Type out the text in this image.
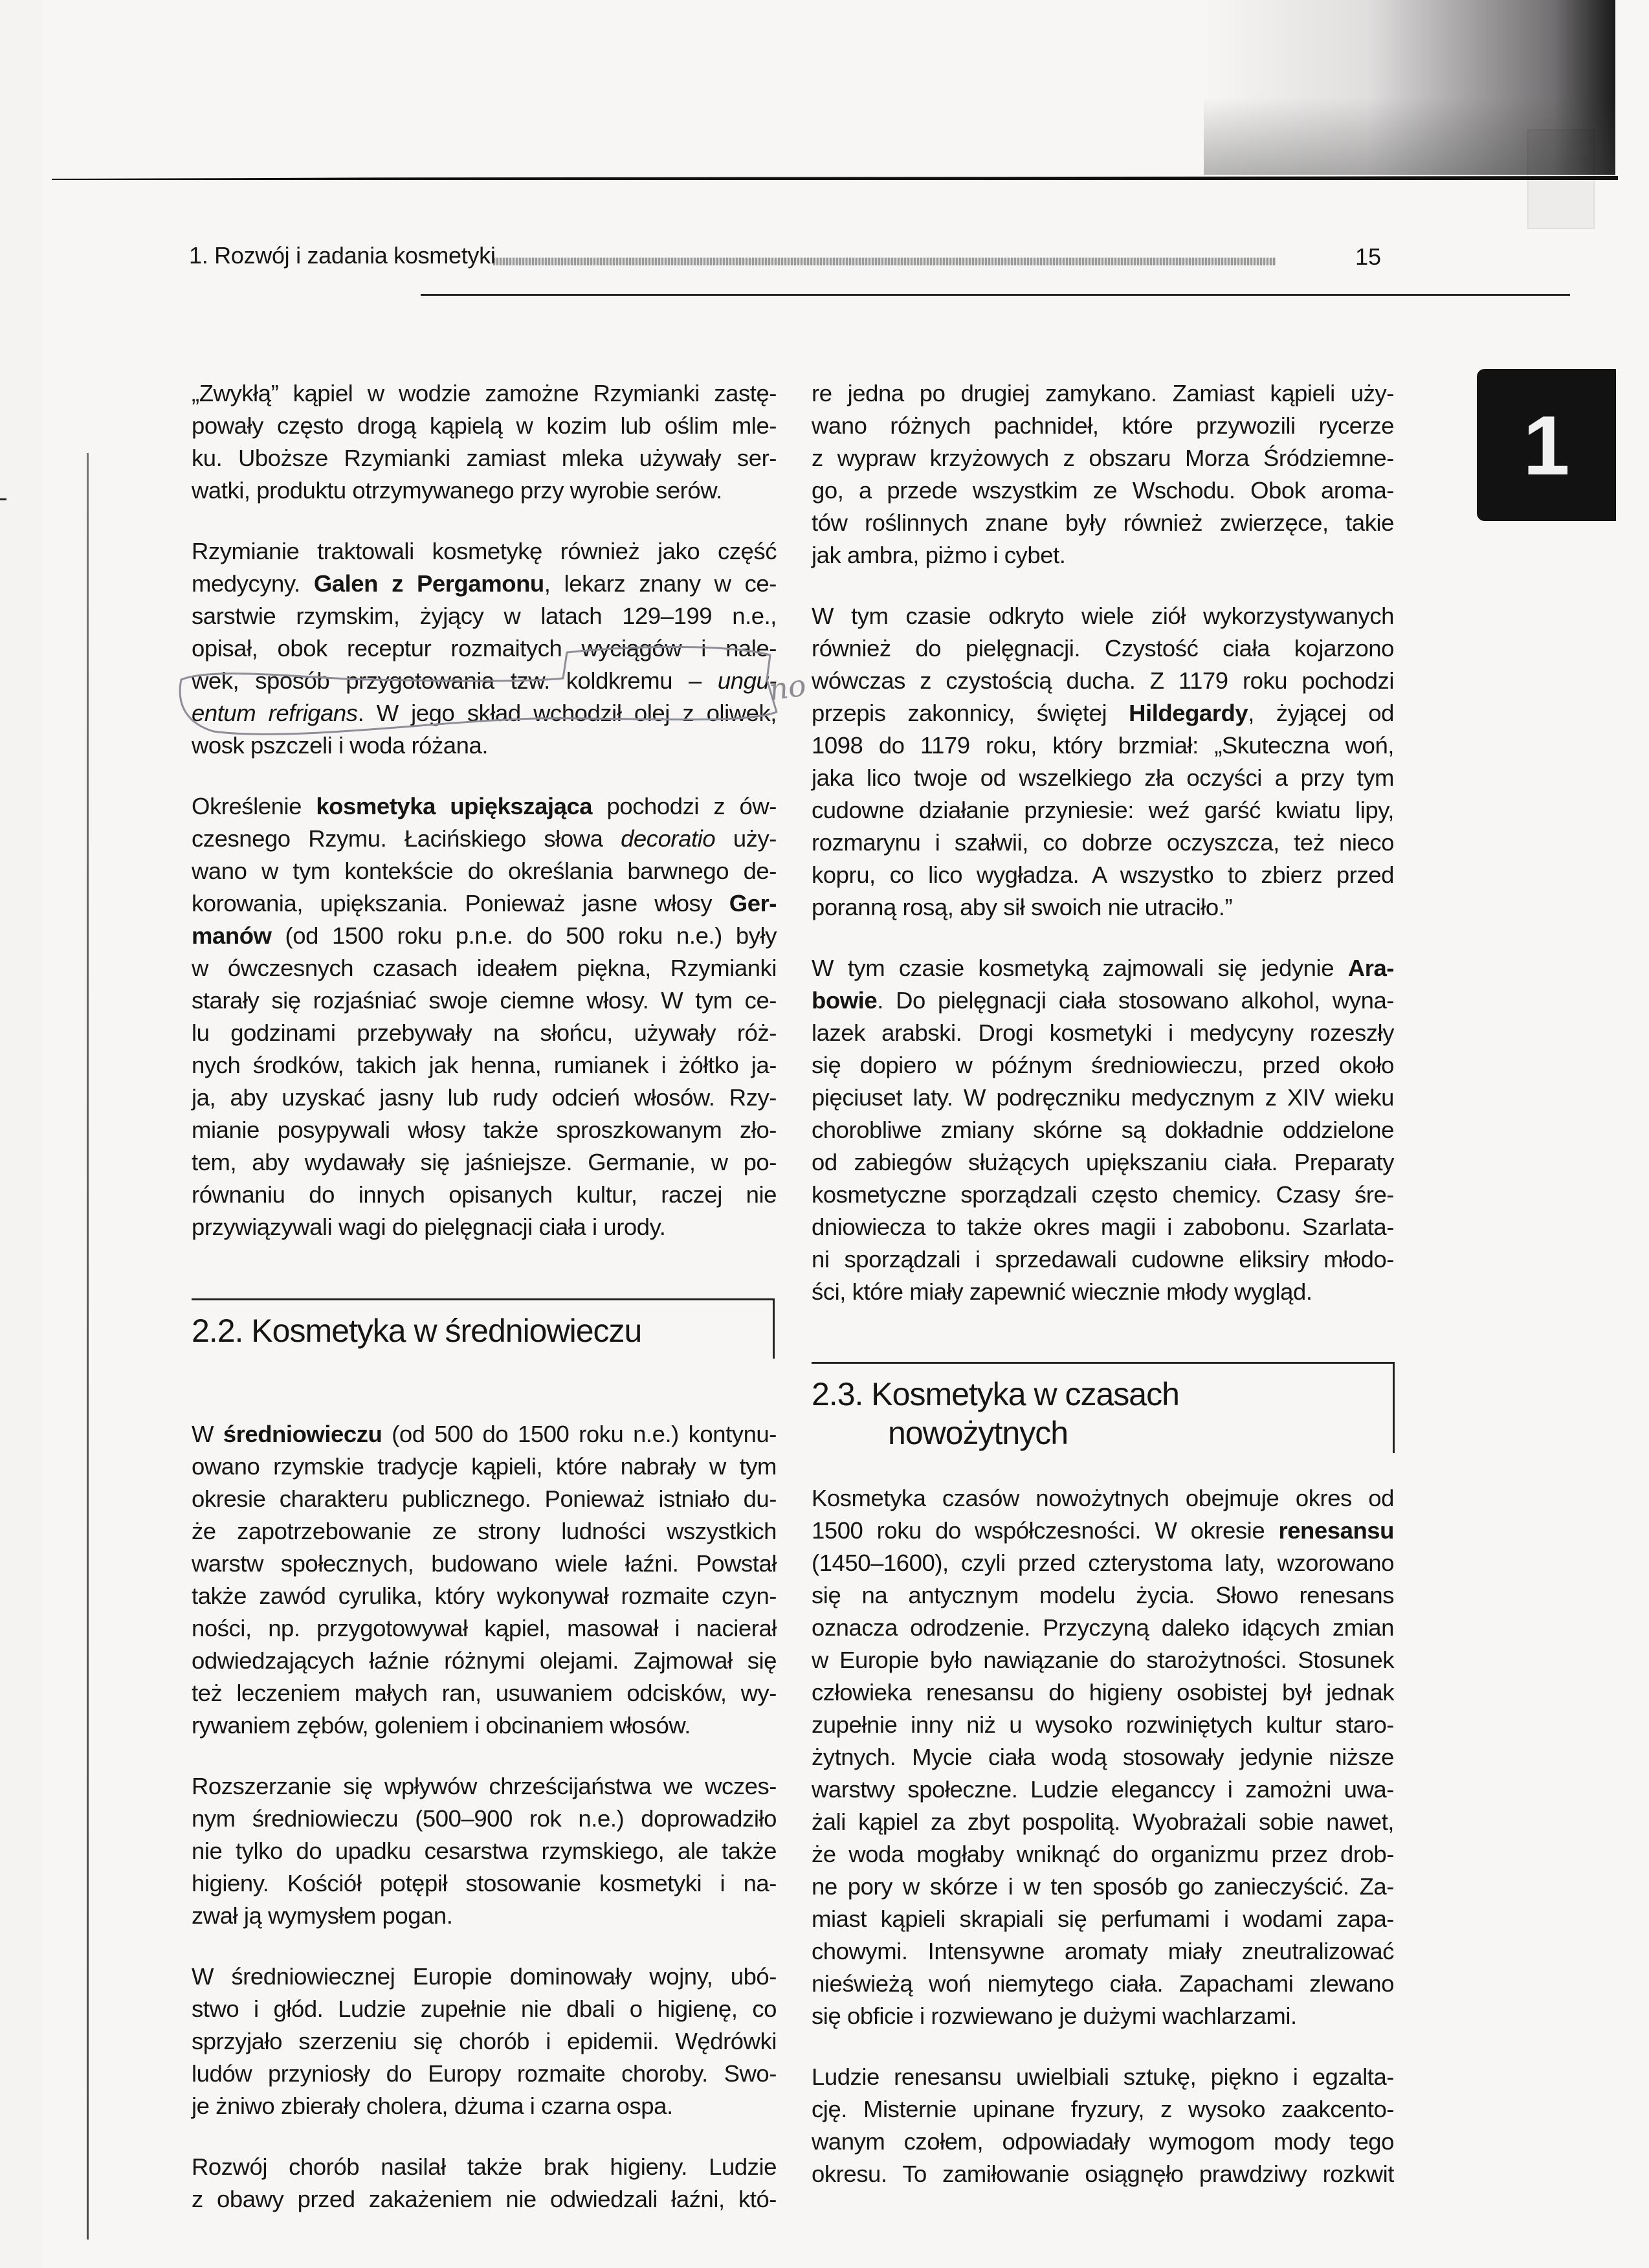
1. Rozwój i zadania kosmetyki	15
1
„Zwykłą” kąpiel w wodzie zamożne Rzymianki zastę-
powały często drogą kąpielą w kozim lub oślim mle-
ku. Uboższe Rzymianki zamiast mleka używały ser-
watki, produktu otrzymywanego przy wyrobie serów.
Rzymianie traktowali kosmetykę również jako część
medycyny. Galen z Pergamonu, lekarz znany w ce-
sarstwie rzymskim, żyjący w latach 129–199 n.e.,
opisał, obok receptur rozmaitych wyciągów i nale-
wek, sposób przygotowania tzw. koldkremu – ungu-
entum refrigans. W jego skład wchodził olej z oliwek,
wosk pszczeli i woda różana.
Określenie kosmetyka upiększająca pochodzi z ów-
czesnego Rzymu. Łacińskiego słowa decoratio uży-
wano w tym kontekście do określania barwnego de-
korowania, upiększania. Ponieważ jasne włosy Ger-
manów (od 1500 roku p.n.e. do 500 roku n.e.) były
w ówczesnych czasach ideałem piękna, Rzymianki
starały się rozjaśniać swoje ciemne włosy. W tym ce-
lu godzinami przebywały na słońcu, używały róż-
nych środków, takich jak henna, rumianek i żółtko ja-
ja, aby uzyskać jasny lub rudy odcień włosów. Rzy-
mianie posypywali włosy także sproszkowanym zło-
tem, aby wydawały się jaśniejsze. Germanie, w po-
równaniu do innych opisanych kultur, raczej nie
przywiązywali wagi do pielęgnacji ciała i urody.
2.2. Kosmetyka w średniowieczu
W średniowieczu (od 500 do 1500 roku n.e.) kontynu-
owano rzymskie tradycje kąpieli, które nabrały w tym
okresie charakteru publicznego. Ponieważ istniało du-
że zapotrzebowanie ze strony ludności wszystkich
warstw społecznych, budowano wiele łaźni. Powstał
także zawód cyrulika, który wykonywał rozmaite czyn-
ności, np. przygotowywał kąpiel, masował i nacierał
odwiedzających łaźnie różnymi olejami. Zajmował się
też leczeniem małych ran, usuwaniem odcisków, wy-
rywaniem zębów, goleniem i obcinaniem włosów.
Rozszerzanie się wpływów chrześcijaństwa we wczes-
nym średniowieczu (500–900 rok n.e.) doprowadziło
nie tylko do upadku cesarstwa rzymskiego, ale także
higieny. Kościół potępił stosowanie kosmetyki i na-
zwał ją wymysłem pogan.
W średniowiecznej Europie dominowały wojny, ubó-
stwo i głód. Ludzie zupełnie nie dbali o higienę, co
sprzyjało szerzeniu się chorób i epidemii. Wędrówki
ludów przyniosły do Europy rozmaite choroby. Swo-
je żniwo zbierały cholera, dżuma i czarna ospa.
Rozwój chorób nasilał także brak higieny. Ludzie
z obawy przed zakażeniem nie odwiedzali łaźni, któ-
re jedna po drugiej zamykano. Zamiast kąpieli uży-
wano różnych pachnideł, które przywozili rycerze
z wypraw krzyżowych z obszaru Morza Śródziemne-
go, a przede wszystkim ze Wschodu. Obok aroma-
tów roślinnych znane były również zwierzęce, takie
jak ambra, piżmo i cybet.
W tym czasie odkryto wiele ziół wykorzystywanych
również do pielęgnacji. Czystość ciała kojarzono
wówczas z czystością ducha. Z 1179 roku pochodzi
przepis zakonnicy, świętej Hildegardy, żyjącej od
1098 do 1179 roku, który brzmiał: „Skuteczna woń,
jaka lico twoje od wszelkiego zła oczyści a przy tym
cudowne działanie przyniesie: weź garść kwiatu lipy,
rozmarynu i szałwii, co dobrze oczyszcza, też nieco
kopru, co lico wygładza. A wszystko to zbierz przed
poranną rosą, aby sił swoich nie utraciło.”
W tym czasie kosmetyką zajmowali się jedynie Ara-
bowie. Do pielęgnacji ciała stosowano alkohol, wyna-
lazek arabski. Drogi kosmetyki i medycyny rozeszły
się dopiero w późnym średniowieczu, przed około
pięciuset laty. W podręczniku medycznym z XIV wieku
chorobliwe zmiany skórne są dokładnie oddzielone
od zabiegów służących upiększaniu ciała. Preparaty
kosmetyczne sporządzali często chemicy. Czasy śre-
dniowiecza to także okres magii i zabobonu. Szarlata-
ni sporządzali i sprzedawali cudowne eliksiry młodo-
ści, które miały zapewnić wiecznie młody wygląd.
2.3. Kosmetyka w czasach
nowożytnych
Kosmetyka czasów nowożytnych obejmuje okres od
1500 roku do współczesności. W okresie renesansu
(1450–1600), czyli przed czterystoma laty, wzorowano
się na antycznym modelu życia. Słowo renesans
oznacza odrodzenie. Przyczyną daleko idących zmian
w Europie było nawiązanie do starożytności. Stosunek
człowieka renesansu do higieny osobistej był jednak
zupełnie inny niż u wysoko rozwiniętych kultur staro-
żytnych. Mycie ciała wodą stosowały jedynie niższe
warstwy społeczne. Ludzie eleganccy i zamożni uwa-
żali kąpiel za zbyt pospolitą. Wyobrażali sobie nawet,
że woda mogłaby wniknąć do organizmu przez drob-
ne pory w skórze i w ten sposób go zanieczyścić. Za-
miast kąpieli skrapiali się perfumami i wodami zapa-
chowymi. Intensywne aromaty miały zneutralizować
nieświeżą woń niemytego ciała. Zapachami zlewano
się obficie i rozwiewano je dużymi wachlarzami.
Ludzie renesansu uwielbiali sztukę, piękno i egzalta-
cję. Misternie upinane fryzury, z wysoko zaakcento-
wanym czołem, odpowiadały wymogom mody tego
okresu. To zamiłowanie osiągnęło prawdziwy rozkwit
no
